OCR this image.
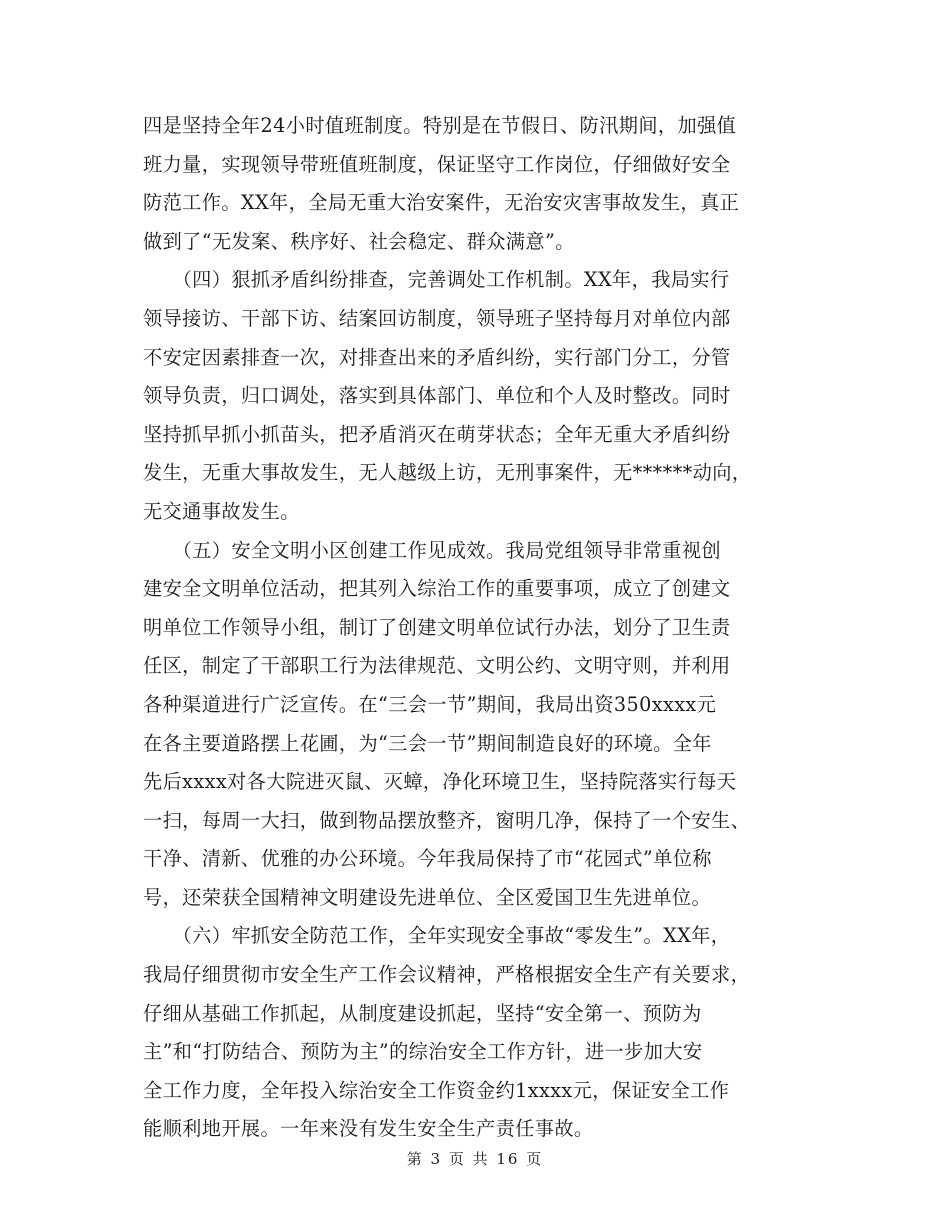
四是坚持全年24小时值班制度。特别是在节假日、防汛期间，加强值
班力量，实现领导带班值班制度，保证坚守工作岗位，仔细做好安全
防范工作。XX年，全局无重大治安案件，无治安灾害事故发生，真正
做到了“无发案、秩序好、社会稳定、群众满意”。
　　（四）狠抓矛盾纠纷排查，完善调处工作机制。XX年，我局实行
领导接访、干部下访、结案回访制度，领导班子坚持每月对单位内部
不安定因素排查一次，对排查出来的矛盾纠纷，实行部门分工，分管
领导负责，归口调处，落实到具体部门、单位和个人及时整改。同时
坚持抓早抓小抓苗头，把矛盾消灭在萌芽状态；全年无重大矛盾纠纷
发生，无重大事故发生，无人越级上访，无刑事案件，无******动向，
无交通事故发生。
　　（五）安全文明小区创建工作见成效。我局党组领导非常重视创
建安全文明单位活动，把其列入综治工作的重要事项，成立了创建文
明单位工作领导小组，制订了创建文明单位试行办法，划分了卫生责
任区，制定了干部职工行为法律规范、文明公约、文明守则，并利用
各种渠道进行广泛宣传。在“三会一节”期间，我局出资350xxxx元
在各主要道路摆上花圃，为“三会一节”期间制造良好的环境。全年
先后xxxx对各大院进灭鼠、灭蟑，净化环境卫生，坚持院落实行每天
一扫，每周一大扫，做到物品摆放整齐，窗明几净，保持了一个安生、
干净、清新、优雅的办公环境。今年我局保持了市“花园式”单位称
号，还荣获全国精神文明建设先进单位、全区爱国卫生先进单位。
　　（六）牢抓安全防范工作，全年实现安全事故“零发生”。XX年，
我局仔细贯彻市安全生产工作会议精神，严格根据安全生产有关要求，
仔细从基础工作抓起，从制度建设抓起，坚持“安全第一、预防为
主”和“打防结合、预防为主”的综治安全工作方针，进一步加大安
全工作力度，全年投入综治安全工作资金约1xxxx元，保证安全工作
能顺利地开展。一年来没有发生安全生产责任事故。
第 3 页 共 16 页
